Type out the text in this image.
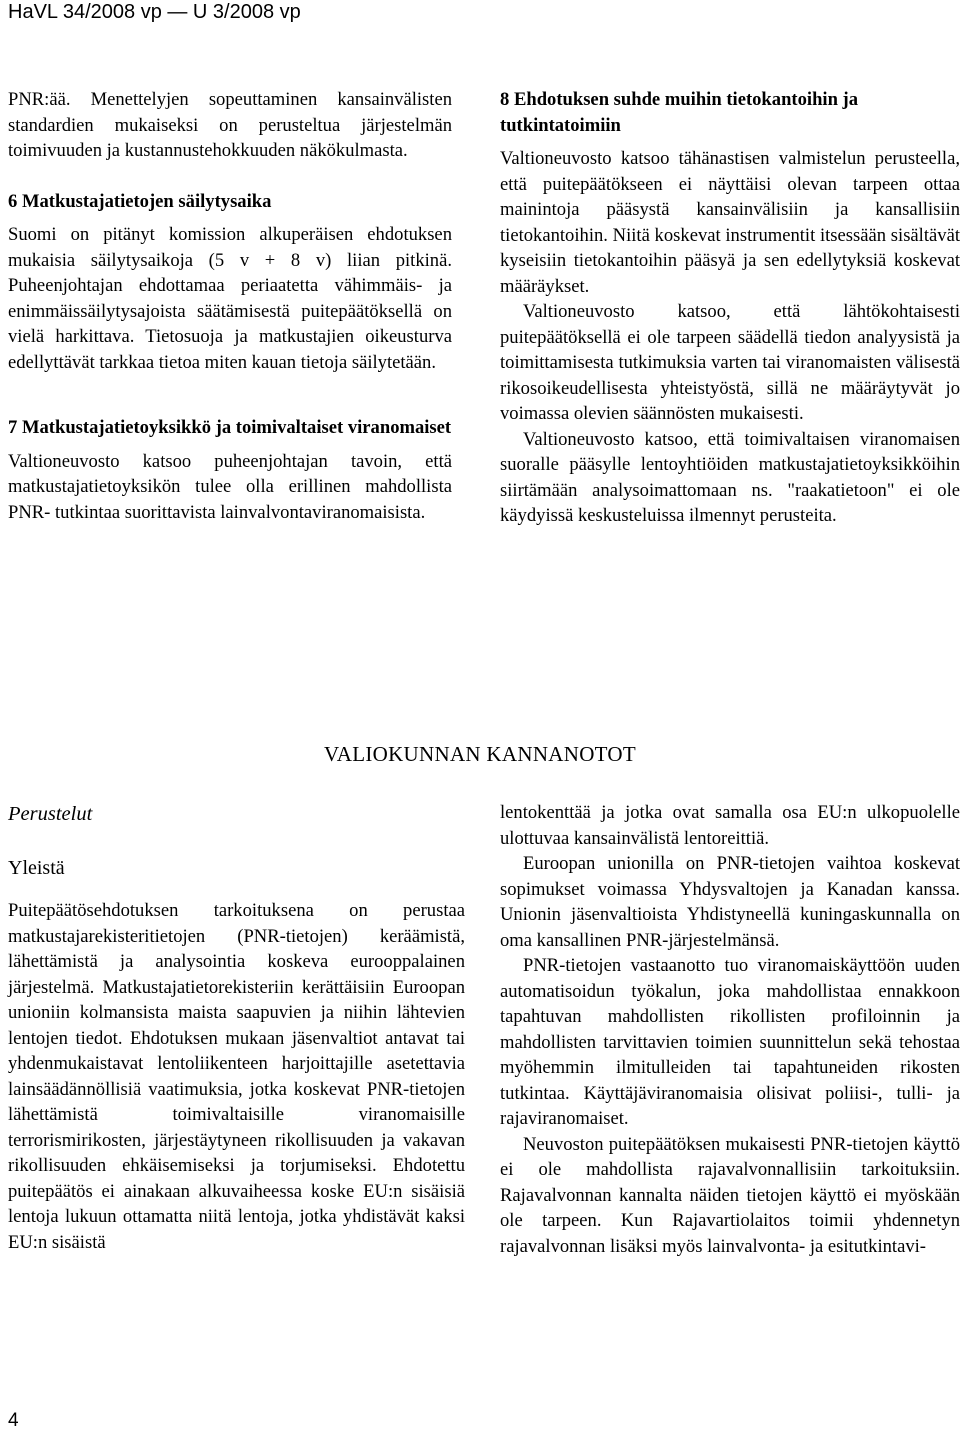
HaVL 34/2008 vp — U 3/2008 vp

PNR:ää. Menettelyjen sopeuttaminen kansainvälisten standardien mukaiseksi on perusteltua järjestelmän toimivuuden ja kustannustehokkuuden näkökulmasta.

6 Matkustajatietojen säilytysaika

Suomi on pitänyt komission alkuperäisen ehdotuksen mukaisia säilytysaikoja (5 v + 8 v) liian pitkinä. Puheenjohtajan ehdottamaa periaatetta vähimmäis- ja enimmäissäilytysajoista säätämisestä puitepäätöksellä on vielä harkittava. Tietosuoja ja matkustajien oikeusturva edellyttävät tarkkaa tietoa miten kauan tietoja säilytetään.

7 Matkustajatietoyksikkö ja toimivaltaiset viranomaiset

Valtioneuvosto katsoo puheenjohtajan tavoin, että matkustajatietoyksikön tulee olla erillinen mahdollista PNR- tutkintaa suorittavista lainvalvontaviranomaisista.

8 Ehdotuksen suhde muihin tietokantoihin ja tutkintatoimiin

Valtioneuvosto katsoo tähänastisen valmistelun perusteella, että puitepäätökseen ei näyttäisi olevan tarpeen ottaa mainintoja pääsystä kansainvälisiin ja kansallisiin tietokantoihin. Niitä koskevat instrumentit itsessään sisältävät kyseisiin tietokantoihin pääsyä ja sen edellytyksiä koskevat määräykset.

Valtioneuvosto katsoo, että lähtökohtaisesti puitepäätöksellä ei ole tarpeen säädellä tiedon analyysistä ja toimittamisesta tutkimuksia varten tai viranomaisten välisestä rikosoikeudellisesta yhteistyöstä, sillä ne määräytyvät jo voimassa olevien säännösten mukaisesti.

Valtioneuvosto katsoo, että toimivaltaisen viranomaisen suoralle pääsylle lentoyhtiöiden matkustajatietoyksikköihin siirtämään analysoimattomaan ns. "raakatietoon" ei ole käydyissä keskusteluissa ilmennyt perusteita.

VALIOKUNNAN KANNANOTOT

Perustelut

Yleistä

Puitepäätösehdotuksen tarkoituksena on perustaa matkustajarekisteritietojen (PNR-tietojen) keräämistä, lähettämistä ja analysointia koskeva eurooppalainen järjestelmä. Matkustajatietorekisteriin kerättäisiin Euroopan unioniin kolmansista maista saapuvien ja niihin lähtevien lentojen tiedot. Ehdotuksen mukaan jäsenvaltiot antavat tai yhdenmukaistavat lentoliikenteen harjoittajille asetettavia lainsäädännöllisiä vaatimuksia, jotka koskevat PNR-tietojen lähettämistä toimivaltaisille viranomaisille terrorismirikosten, järjestäytyneen rikollisuuden ja vakavan rikollisuuden ehkäisemiseksi ja torjumiseksi. Ehdotettu puitepäätös ei ainakaan alkuvaiheessa koske EU:n sisäisiä lentoja lukuun ottamatta niitä lentoja, jotka yhdistävät kaksi EU:n sisäistä

lentokenttää ja jotka ovat samalla osa EU:n ulkopuolelle ulottuvaa kansainvälistä lentoreittiä.

Euroopan unionilla on PNR-tietojen vaihtoa koskevat sopimukset voimassa Yhdysvaltojen ja Kanadan kanssa. Unionin jäsenvaltioista Yhdistyneellä kuningaskunnalla on oma kansallinen PNR-järjestelmänsä.

PNR-tietojen vastaanotto tuo viranomaiskäyttöön uuden automatisoidun työkalun, joka mahdollistaa ennakkoon tapahtuvan mahdollisten rikollisten profiloinnin ja mahdollisten tarvittavien toimien suunnittelun sekä tehostaa myöhemmin ilmitulleiden tai tapahtuneiden rikosten tutkintaa. Käyttäjäviranomaisia olisivat poliisi-, tulli- ja rajaviranomaiset.

Neuvoston puitepäätöksen mukaisesti PNR-tietojen käyttö ei ole mahdollista rajavalvonnallisiin tarkoituksiin. Rajavalvonnan kannalta näiden tietojen käyttö ei myöskään ole tarpeen. Kun Rajavartiolaitos toimii yhdennetyn rajavalvonnan lisäksi myös lainvalvonta- ja esitutkintavi-

4
